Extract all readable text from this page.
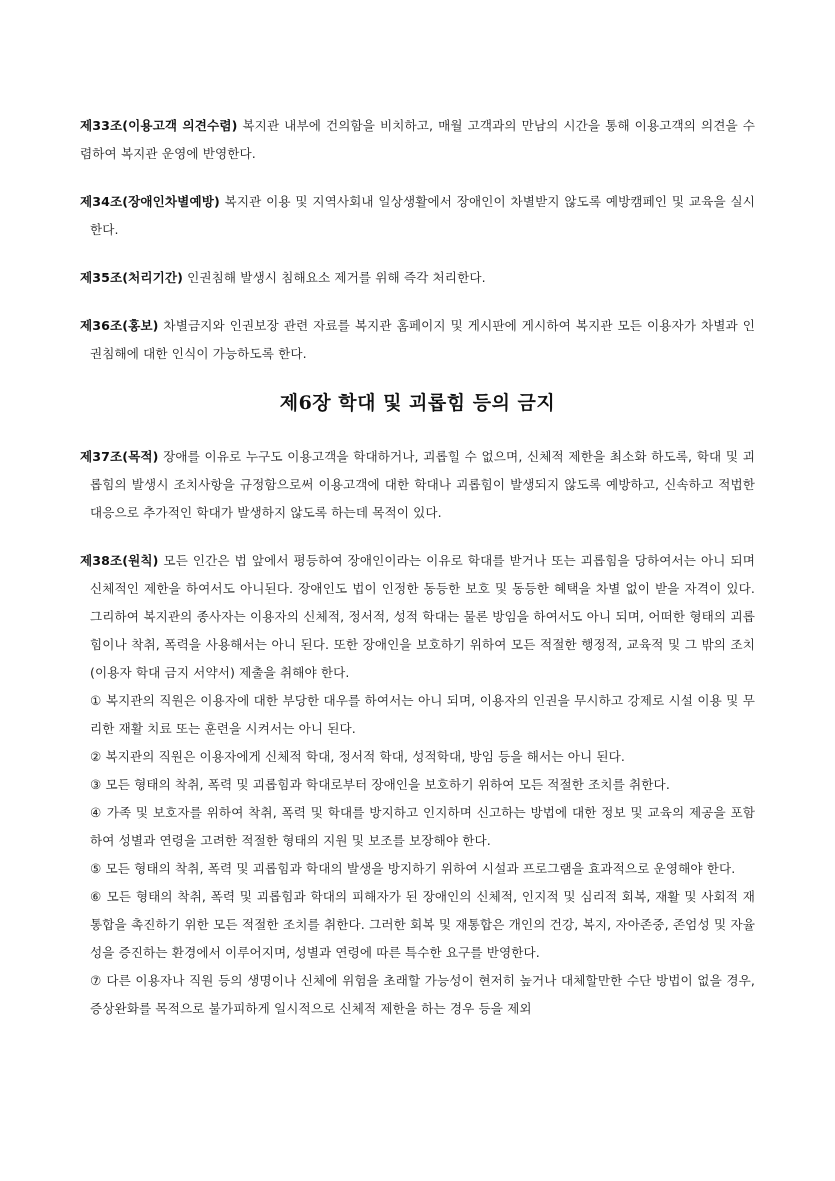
제33조(이용고객 의견수렴) 복지관 내부에 건의함을 비치하고, 매월 고객과의 만남의 시간을 통해 이용고객의 의견을 수렴하여 복지관 운영에 반영한다.

제34조(장애인차별예방) 복지관 이용 및 지역사회내 일상생활에서 장애인이 차별받지 않도록 예방캠페인 및 교육을 실시한다.

제35조(처리기간) 인권침해 발생시 침해요소 제거를 위해 즉각 처리한다.

제36조(홍보) 차별금지와 인권보장 관련 자료를 복지관 홈페이지 및 게시판에 게시하여 복지관 모든 이용자가 차별과 인권침해에 대한 인식이 가능하도록 한다.

제6장 학대 및 괴롭힘 등의 금지

제37조(목적) 장애를 이유로 누구도 이용고객을 학대하거나, 괴롭힐 수 없으며, 신체적 제한을 최소화 하도록, 학대 및 괴롭힘의 발생시 조치사항을 규정함으로써 이용고객에 대한 학대나 괴롭힘이 발생되지 않도록 예방하고, 신속하고 적법한 대응으로 추가적인 학대가 발생하지 않도록 하는데 목적이 있다.

제38조(원칙) 모든 인간은 법 앞에서 평등하여 장애인이라는 이유로 학대를 받거나 또는 괴롭힘을 당하여서는 아니 되며 신체적인 제한을 하여서도 아니된다. 장애인도 법이 인정한 동등한 보호 및 동등한 혜택을 차별 없이 받을 자격이 있다. 그리하여 복지관의 종사자는 이용자의 신체적, 정서적, 성적 학대는 물론 방임을 하여서도 아니 되며, 어떠한 형태의 괴롭힘이나 착취, 폭력을 사용해서는 아니 된다. 또한 장애인을 보호하기 위하여 모든 적절한 행정적, 교육적 및 그 밖의 조치(이용자 학대 금지 서약서) 제출을 취해야 한다.

① 복지관의 직원은 이용자에 대한 부당한 대우를 하여서는 아니 되며, 이용자의 인권을 무시하고 강제로 시설 이용 및 무리한 재활 치료 또는 훈련을 시켜서는 아니 된다.
② 복지관의 직원은 이용자에게 신체적 학대, 정서적 학대, 성적학대, 방임 등을 해서는 아니 된다.
③ 모든 형태의 착취, 폭력 및 괴롭힘과 학대로부터 장애인을 보호하기 위하여 모든 적절한 조치를 취한다.
④ 가족 및 보호자를 위하여 착취, 폭력 및 학대를 방지하고 인지하며 신고하는 방법에 대한 정보 및 교육의 제공을 포함하여 성별과 연령을 고려한 적절한 형태의 지원 및 보조를 보장해야 한다.
⑤ 모든 형태의 착취, 폭력 및 괴롭힘과 학대의 발생을 방지하기 위하여 시설과 프로그램을 효과적으로 운영해야 한다.
⑥ 모든 형태의 착취, 폭력 및 괴롭힘과 학대의 피해자가 된 장애인의 신체적, 인지적 및 심리적 회복, 재활 및 사회적 재통합을 촉진하기 위한 모든 적절한 조치를 취한다. 그러한 회복 및 재통합은 개인의 건강, 복지, 자아존중, 존엄성 및 자율성을 증진하는 환경에서 이루어지며, 성별과 연령에 따른 특수한 요구를 반영한다.
⑦ 다른 이용자나 직원 등의 생명이나 신체에 위험을 초래할 가능성이 현저히 높거나 대체할만한 수단 방법이 없을 경우, 증상완화를 목적으로 불가피하게 일시적으로 신체적 제한을 하는 경우 등을 제외
